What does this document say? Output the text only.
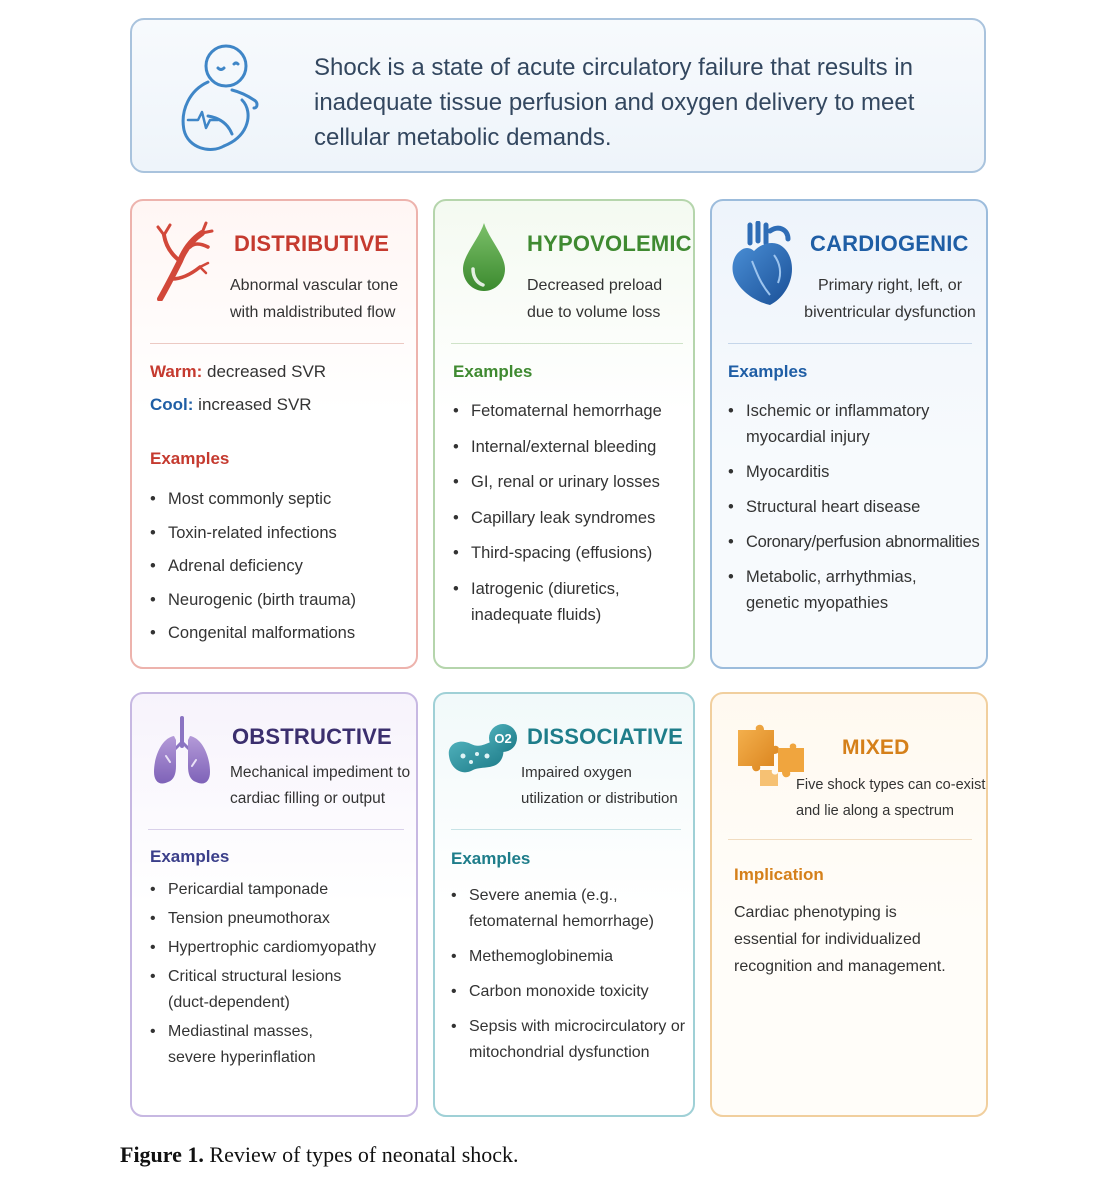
Shock is a state of acute circulatory failure that results in inadequate tissue perfusion and oxygen delivery to meet cellular metabolic demands.
DISTRIBUTIVE
Abnormal vascular tone with maldistributed flow
Warm: decreased SVR
Cool: increased SVR
Examples
• Most commonly septic
• Toxin-related infections
• Adrenal deficiency
• Neurogenic (birth trauma)
• Congenital malformations
HYPOVOLEMIC
Decreased preload due to volume loss
Examples
• Fetomaternal hemorrhage
• Internal/external bleeding
• GI, renal or urinary losses
• Capillary leak syndromes
• Third-spacing (effusions)
• Iatrogenic (diuretics, inadequate fluids)
CARDIOGENIC
Primary right, left, or biventricular dysfunction
Examples
• Ischemic or inflammatory myocardial injury
• Myocarditis
• Structural heart disease
• Coronary/perfusion abnormalities
• Metabolic, arrhythmias, genetic myopathies
OBSTRUCTIVE
Mechanical impediment to cardiac filling or output
Examples
• Pericardial tamponade
• Tension pneumothorax
• Hypertrophic cardiomyopathy
• Critical structural lesions (duct-dependent)
• Mediastinal masses, severe hyperinflation
O2 DISSOCIATIVE
Impaired oxygen utilization or distribution
Examples
• Severe anemia (e.g., fetomaternal hemorrhage)
• Methemoglobinemia
• Carbon monoxide toxicity
• Sepsis with microcirculatory or mitochondrial dysfunction
MIXED
Five shock types can co-exist and lie along a spectrum
Implication
Cardiac phenotyping is essential for individualized recognition and management.
Figure 1. Review of types of neonatal shock.
